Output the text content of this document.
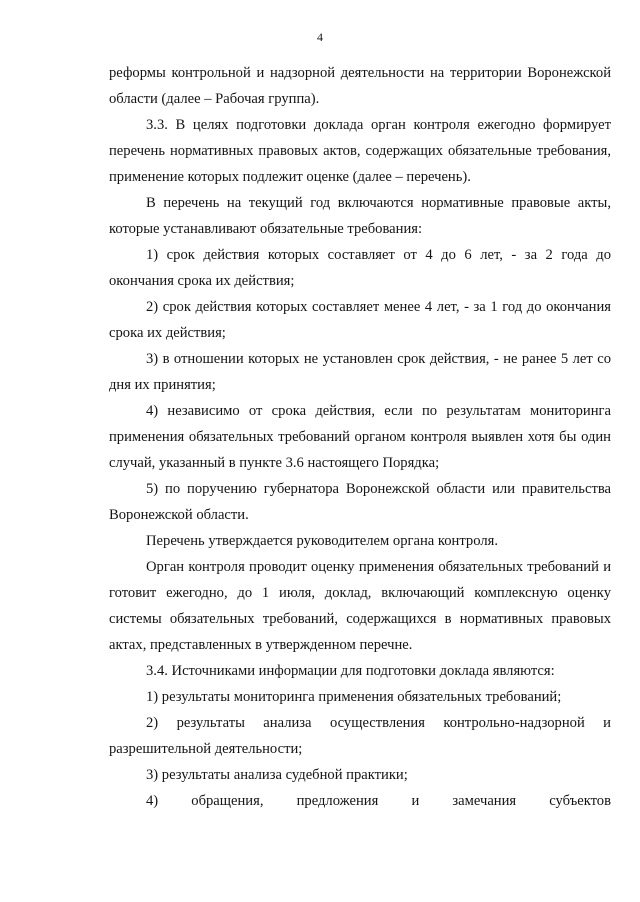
4

реформы контрольной и надзорной деятельности на территории Воронежской области (далее – Рабочая группа).

3.3. В целях подготовки доклада орган контроля ежегодно формирует перечень нормативных правовых актов, содержащих обязательные требования, применение которых подлежит оценке (далее – перечень).

В перечень на текущий год включаются нормативные правовые акты, которые устанавливают обязательные требования:

1) срок действия которых составляет от 4 до 6 лет, - за 2 года до окончания срока их действия;

2) срок действия которых составляет менее 4 лет, - за 1 год до окончания срока их действия;

3) в отношении которых не установлен срок действия, - не ранее 5 лет со дня их принятия;

4) независимо от срока действия, если по результатам мониторинга применения обязательных требований органом контроля выявлен хотя бы один случай, указанный в пункте 3.6 настоящего Порядка;

5) по поручению губернатора Воронежской области или правительства Воронежской области.

Перечень утверждается руководителем органа контроля.

Орган контроля проводит оценку применения обязательных требований и готовит ежегодно, до 1 июля, доклад, включающий комплексную оценку системы обязательных требований, содержащихся в нормативных правовых актах, представленных в утвержденном перечне.

3.4. Источниками информации для подготовки доклада являются:

1) результаты мониторинга применения обязательных требований;

2) результаты анализа осуществления контрольно-надзорной и разрешительной деятельности;

3) результаты анализа судебной практики;

4) обращения, предложения и замечания субъектов
